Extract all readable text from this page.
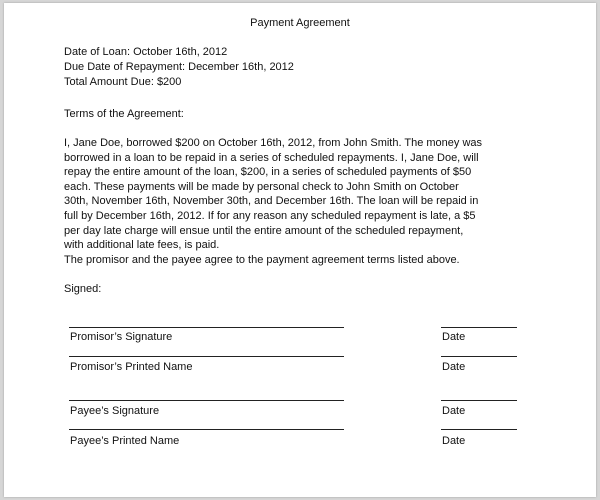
Payment Agreement
Date of Loan: October 16th, 2012
Due Date of Repayment: December 16th, 2012
Total Amount Due: $200
Terms of the Agreement:
I, Jane Doe, borrowed $200 on October 16th, 2012, from John Smith. The money was borrowed in a loan to be repaid in a series of scheduled repayments. I, Jane Doe, will repay the entire amount of the loan, $200, in a series of scheduled payments of $50 each. These payments will be made by personal check to John Smith on October 30th, November 16th, November 30th, and December 16th. The loan will be repaid in full by December 16th, 2012. If for any reason any scheduled repayment is late, a $5 per day late charge will ensue until the entire amount of the scheduled repayment, with additional late fees, is paid.
The promisor and the payee agree to the payment agreement terms listed above.
Signed:
Promisor’s Signature	Date
Promisor’s Printed Name	Date
Payee’s Signature	Date
Payee’s Printed Name	Date
